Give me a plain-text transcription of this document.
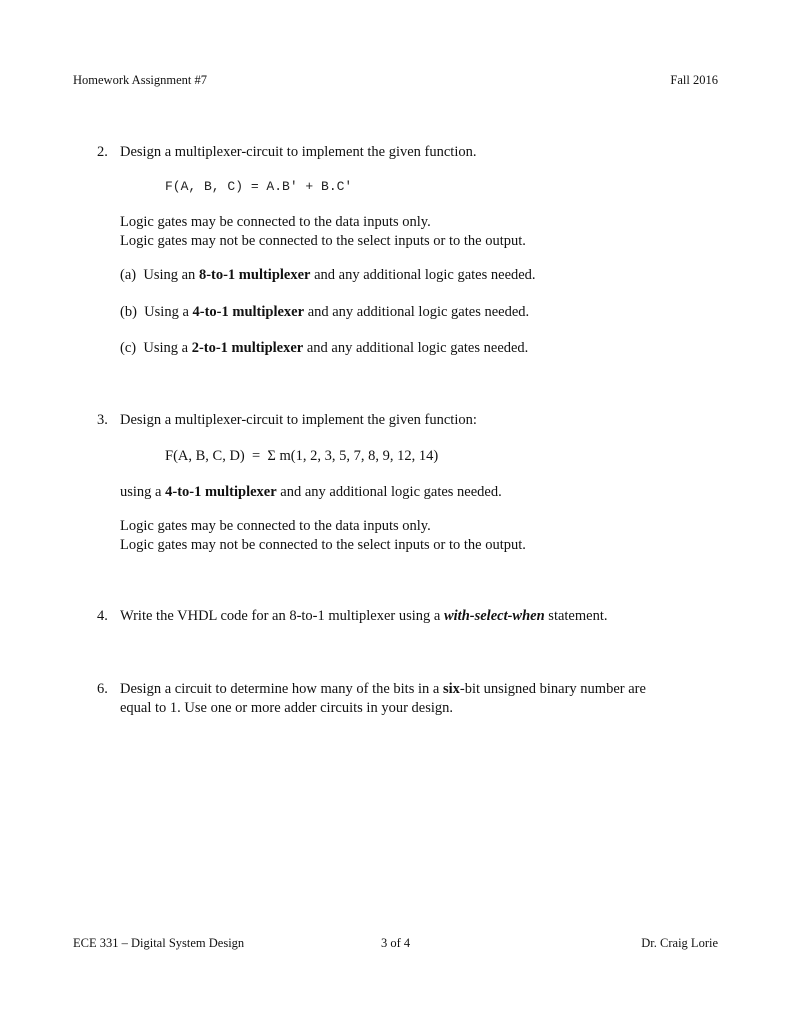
Homework Assignment #7	Fall 2016
2. Design a multiplexer-circuit to implement the given function.
F(A, B, C) = A.B' + B.C'
Logic gates may be connected to the data inputs only.
Logic gates may not be connected to the select inputs or to the output.
(a) Using an 8-to-1 multiplexer and any additional logic gates needed.
(b) Using a 4-to-1 multiplexer and any additional logic gates needed.
(c) Using a 2-to-1 multiplexer and any additional logic gates needed.
3. Design a multiplexer-circuit to implement the given function:
F(A, B, C, D)  =  Σ m(1, 2, 3, 5, 7, 8, 9, 12, 14)
using a 4-to-1 multiplexer and any additional logic gates needed.
Logic gates may be connected to the data inputs only.
Logic gates may not be connected to the select inputs or to the output.
4. Write the VHDL code for an 8-to-1 multiplexer using a with-select-when statement.
6. Design a circuit to determine how many of the bits in a six-bit unsigned binary number are
equal to 1. Use one or more adder circuits in your design.
ECE 331 – Digital System Design	3 of 4	Dr. Craig Lorie
